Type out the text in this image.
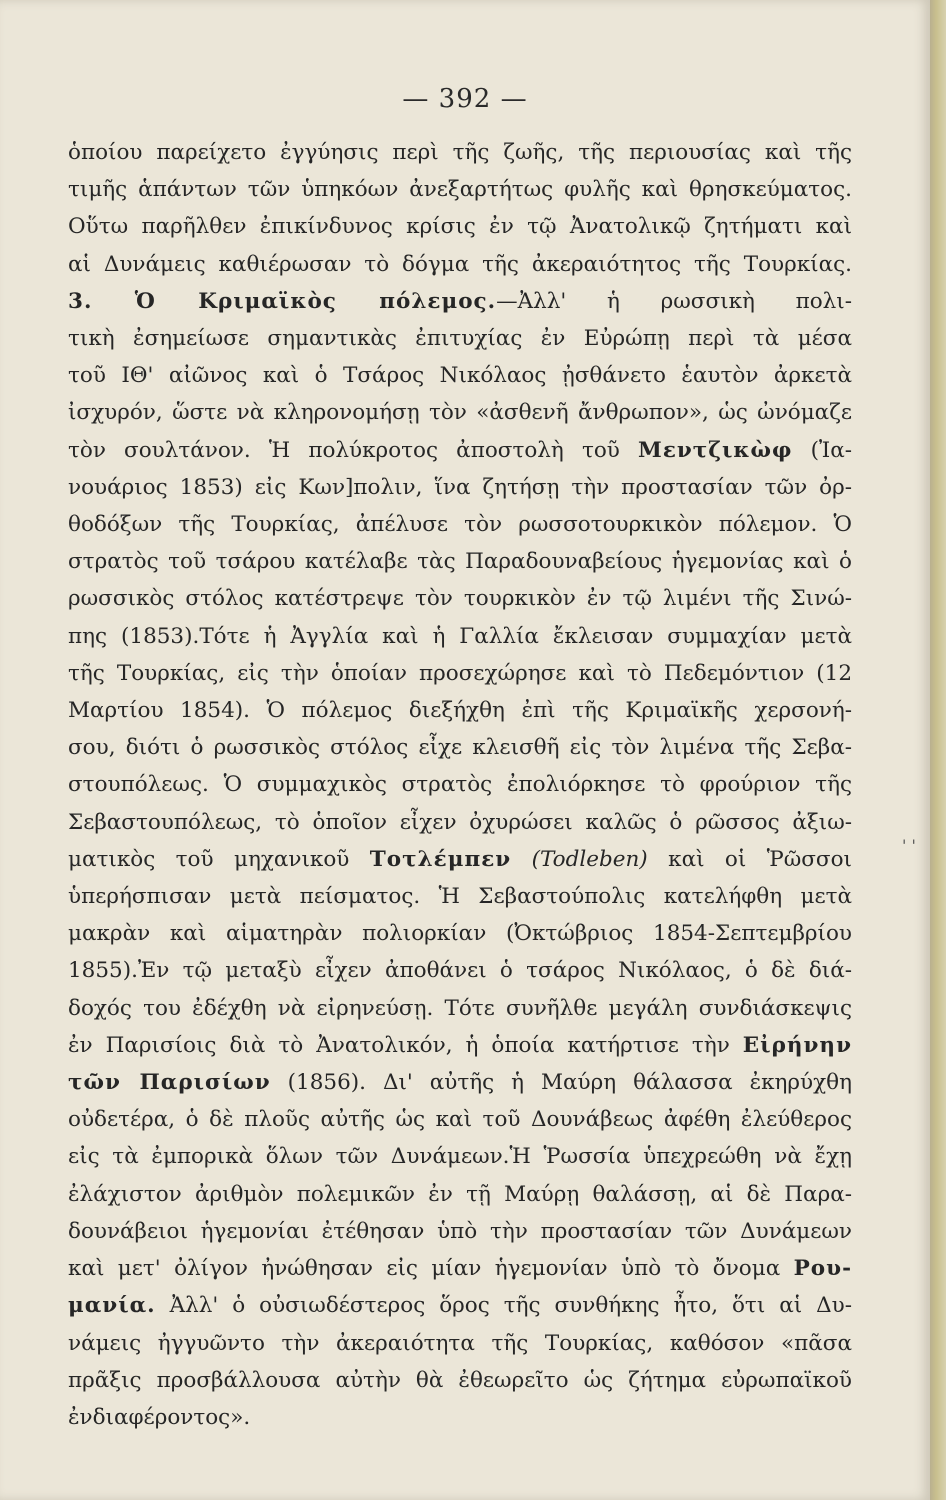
— 392 —
ὁποίου παρείχετο ἐγγύησις περὶ τῆς ζωῆς, τῆς περιουσίας καὶ τῆς
τιμῆς ἁπάντων τῶν ὑπηκόων ἀνεξαρτήτως φυλῆς καὶ θρησκεύματος.
Οὕτω παρῆλθεν ἐπικίνδυνος κρίσις ἐν τῷ Ἀνατολικῷ ζητήματι καὶ
αἱ Δυνάμεις καθιέρωσαν τὸ δόγμα τῆς ἀκεραιότητος τῆς Τουρκίας.
3. Ὁ Κριμαϊκὸς πόλεμος.—Ἀλλ' ἡ ρωσσικὴ πολι-
τικὴ ἐσημείωσε σημαντικὰς ἐπιτυχίας ἐν Εὐρώπῃ περὶ τὰ μέσα
τοῦ ΙΘ' αἰῶνος καὶ ὁ Τσάρος Νικόλαος ᾐσθάνετο ἑαυτὸν ἀρκετὰ
ἰσχυρόν, ὥστε νὰ κληρονομήσῃ τὸν «ἀσθενῆ ἄνθρωπον», ὡς ὠνόμαζε
τὸν σουλτάνον. Ἡ πολύκροτος ἀποστολὴ τοῦ Μεντζικὼφ (Ἰα-
νουάριος 1853) εἰς Κων]πολιν, ἵνα ζητήσῃ τὴν προστασίαν τῶν ὀρ-
θοδόξων τῆς Τουρκίας, ἀπέλυσε τὸν ρωσσοτουρκικὸν πόλεμον. Ὁ
στρατὸς τοῦ τσάρου κατέλαβε τὰς Παραδουναβείους ἡγεμονίας καὶ ὁ
ρωσσικὸς στόλος κατέστρεψε τὸν τουρκικὸν ἐν τῷ λιμένι τῆς Σινώ-
πης (1853).Τότε ἡ Ἀγγλία καὶ ἡ Γαλλία ἔκλεισαν συμμαχίαν μετὰ
τῆς Τουρκίας, εἰς τὴν ὁποίαν προσεχώρησε καὶ τὸ Πεδεμόντιον (12
Μαρτίου 1854). Ὁ πόλεμος διεξήχθη ἐπὶ τῆς Κριμαϊκῆς χερσονή-
σου, διότι ὁ ρωσσικὸς στόλος εἶχε κλεισθῆ εἰς τὸν λιμένα τῆς Σεβα-
στουπόλεως. Ὁ συμμαχικὸς στρατὸς ἐπολιόρκησε τὸ φρούριον τῆς
Σεβαστουπόλεως, τὸ ὁποῖον εἶχεν ὀχυρώσει καλῶς ὁ ρῶσσος ἀξιω-
ματικὸς τοῦ μηχανικοῦ Τοτλέμπεν (Todleben) καὶ οἱ Ῥῶσσοι
ὑπερήσπισαν μετὰ πείσματος. Ἡ Σεβαστούπολις κατελήφθη μετὰ
μακρὰν καὶ αἱματηρὰν πολιορκίαν (Ὀκτώβριος 1854-Σεπτεμβρίου
1855).Ἐν τῷ μεταξὺ εἶχεν ἀποθάνει ὁ τσάρος Νικόλαος, ὁ δὲ διά-
δοχός του ἐδέχθη νὰ εἰρηνεύσῃ. Τότε συνῆλθε μεγάλη συνδιάσκεψις
ἐν Παρισίοις διὰ τὸ Ἀνατολικόν, ἡ ὁποία κατήρτισε τὴν Εἰρήνην
τῶν Παρισίων (1856). Δι' αὐτῆς ἡ Μαύρη θάλασσα ἐκηρύχθη
οὐδετέρα, ὁ δὲ πλοῦς αὐτῆς ὡς καὶ τοῦ Δουνάβεως ἀφέθη ἐλεύθερος
εἰς τὰ ἐμπορικὰ ὅλων τῶν Δυνάμεων.Ἡ Ῥωσσία ὑπεχρεώθη νὰ ἔχῃ
ἐλάχιστον ἀριθμὸν πολεμικῶν ἐν τῇ Μαύρῃ θαλάσσῃ, αἱ δὲ Παρα-
δουνάβειοι ἡγεμονίαι ἐτέθησαν ὑπὸ τὴν προστασίαν τῶν Δυνάμεων
καὶ μετ' ὀλίγον ἠνώθησαν εἰς μίαν ἡγεμονίαν ὑπὸ τὸ ὄνομα Ρου-
μανία. Ἀλλ' ὁ οὐσιωδέστερος ὅρος τῆς συνθήκης ἦτο, ὅτι αἱ Δυ-
νάμεις ἠγγυῶντο τὴν ἀκεραιότητα τῆς Τουρκίας, καθόσον «πᾶσα
πρᾶξις προσβάλλουσα αὐτὴν θὰ ἐθεωρεῖτο ὡς ζήτημα εὐρωπαϊκοῦ
ἐνδιαφέροντος».
' '
